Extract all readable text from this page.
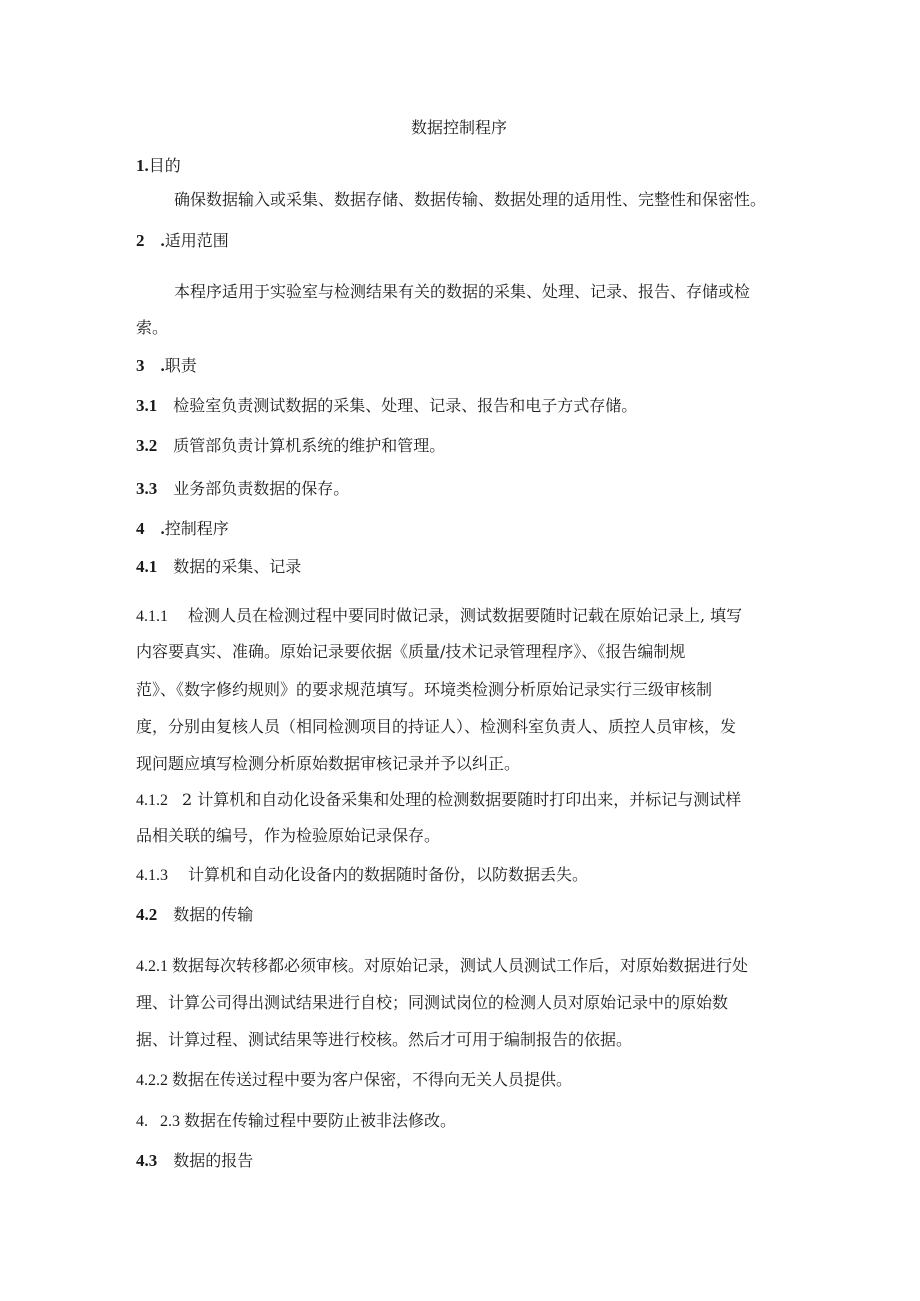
数据控制程序
1.目的
确保数据输入或采集、数据存储、数据传输、数据处理的适用性、完整性和保密性。
2 .适用范围
本程序适用于实验室与检测结果有关的数据的采集、处理、记录、报告、存储或检
索。
3 .职责
3.1 检验室负责测试数据的采集、处理、记录、报告和电子方式存储。
3.2 质管部负责计算机系统的维护和管理。
3.3 业务部负责数据的保存。
4 .控制程序
4.1 数据的采集、记录
4.1.1 检测人员在检测过程中要同时做记录，测试数据要随时记载在原始记录上, 填写
内容要真实、准确。原始记录要依据《质量/技术记录管理程序》、《报告编制规
范》、《数字修约规则》的要求规范填写。环境类检测分析原始记录实行三级审核制
度，分别由复核人员（相同检测项目的持证人）、检测科室负责人、质控人员审核，发
现问题应填写检测分析原始数据审核记录并予以纠正。
4.1.2 2 计算机和自动化设备采集和处理的检测数据要随时打印出来，并标记与测试样
品相关联的编号，作为检验原始记录保存。
4.1.3 计算机和自动化设备内的数据随时备份，以防数据丢失。
4.2 数据的传输
4.2.1 数据每次转移都必须审核。对原始记录，测试人员测试工作后，对原始数据进行处
理、计算公司得出测试结果进行自校；同测试岗位的检测人员对原始记录中的原始数
据、计算过程、测试结果等进行校核。然后才可用于编制报告的依据。
4.2.2 数据在传送过程中要为客户保密，不得向无关人员提供。
4. 2.3 数据在传输过程中要防止被非法修改。
4.3 数据的报告
